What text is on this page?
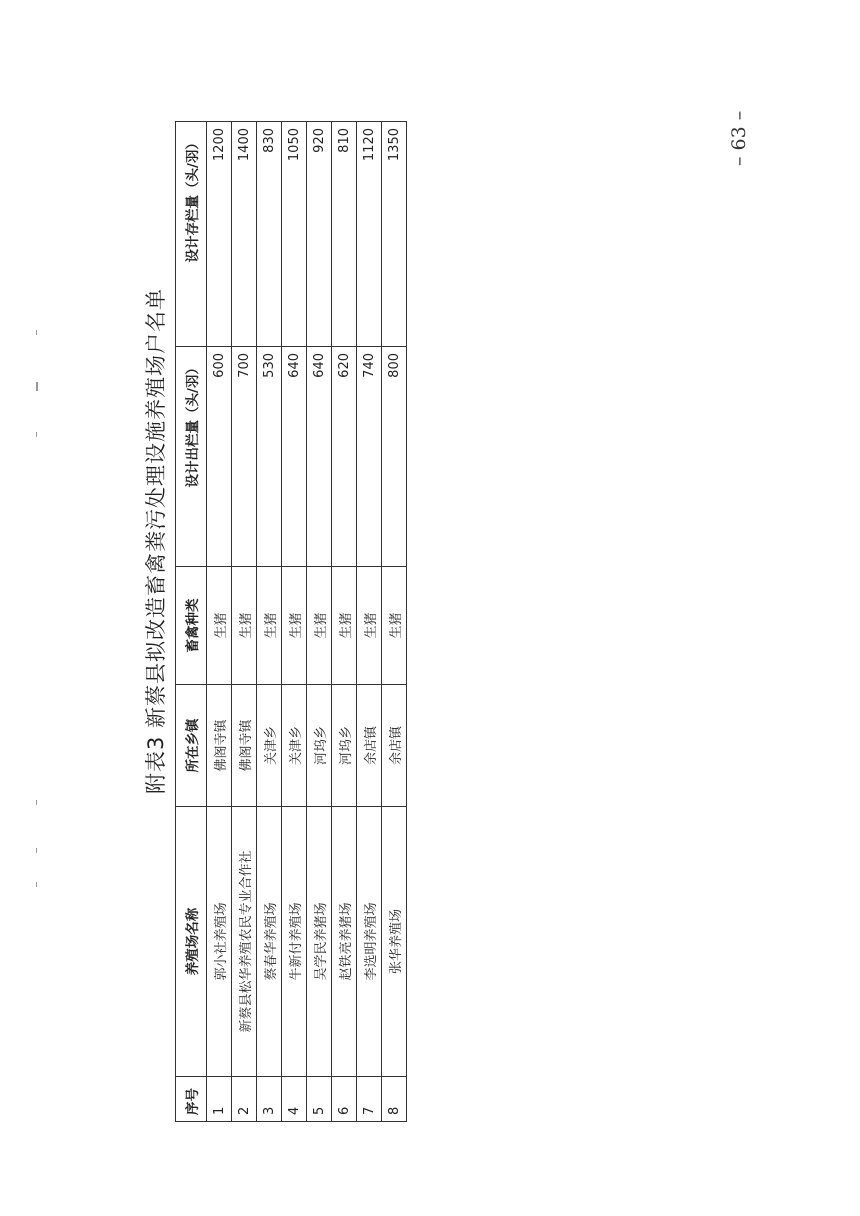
附表3 新蔡县拟改造畜禽粪污处理设施养殖场户名单
序号	养殖场名称	所在乡镇	畜禽种类	设计出栏量（头/羽）	设计存栏量（头/羽）
1	郭小社养殖场	佛阁寺镇	生猪	600	1200
2	新蔡县松华养殖农民专业合作社	佛阁寺镇	生猪	700	1400
3	蔡春华养殖场	关津乡	生猪	530	830
4	牛新付养殖场	关津乡	生猪	640	1050
5	吴学民养猪场	河坞乡	生猪	640	920
6	赵铁亮养猪场	河坞乡	生猪	620	810
7	李选明养殖场	余店镇	生猪	740	1120
8	张华养殖场	余店镇	生猪	800	1350	– 63 –
